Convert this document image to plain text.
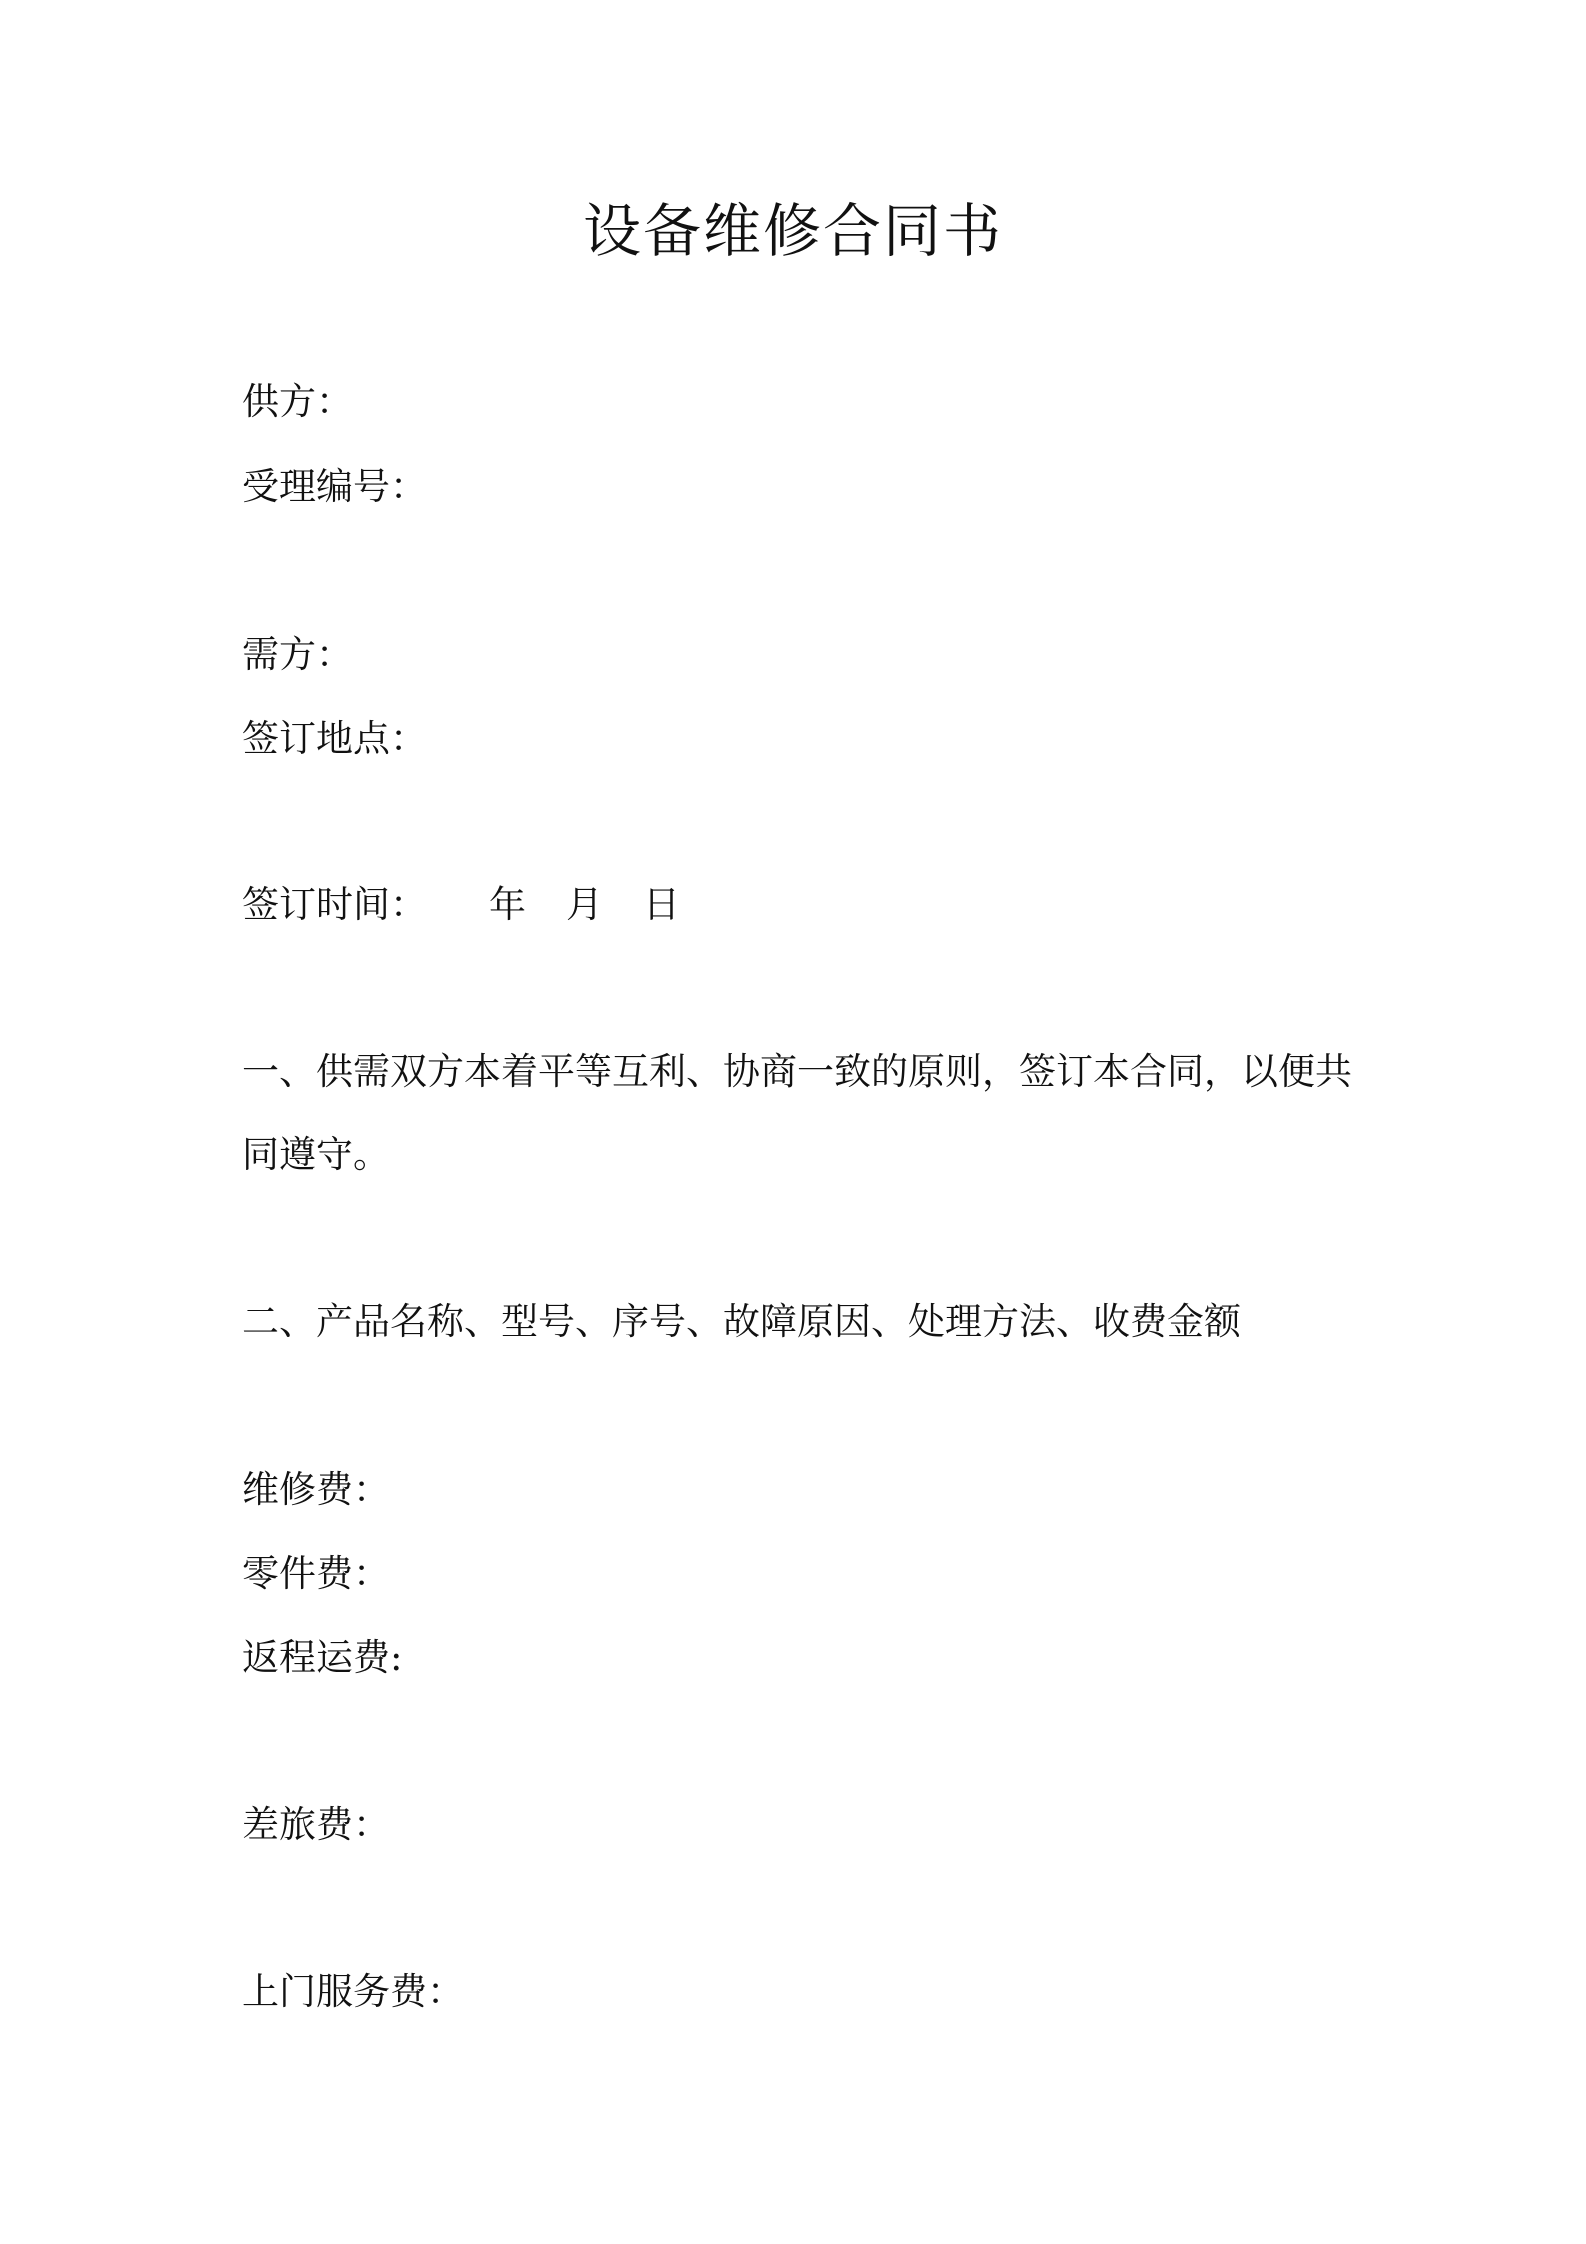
设备维修合同书

供方：

受理编号：

需方：

签订地点：

签订时间： 年 月 日

一、供需双方本着平等互利、协商一致的原则，签订本合同，以便共同遵守。

二、产品名称、型号、序号、故障原因、处理方法、收费金额

维修费：

零件费：

返程运费:

差旅费：

上门服务费：
